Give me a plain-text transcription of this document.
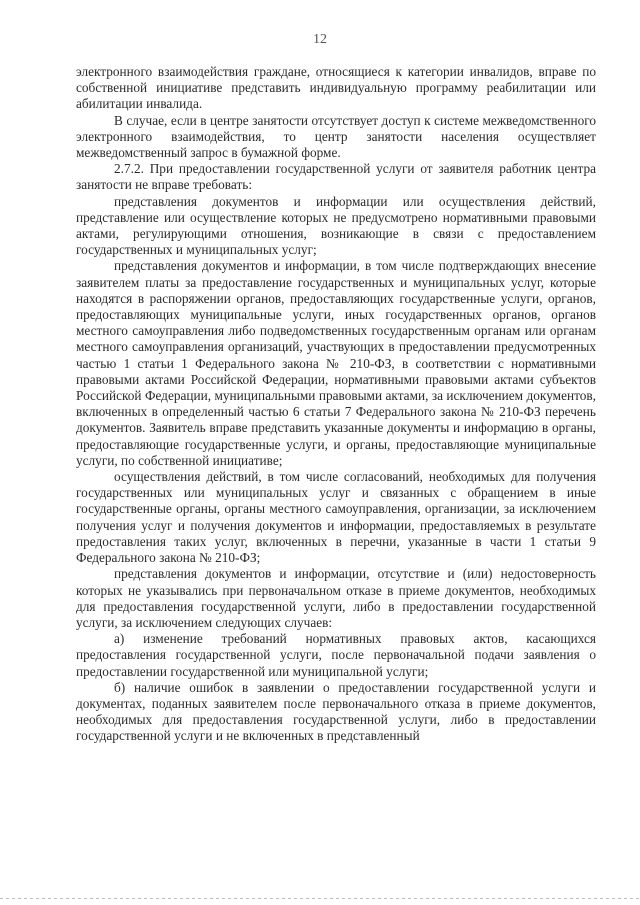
12

электронного взаимодействия граждане, относящиеся к категории инвалидов, вправе по собственной инициативе представить индивидуальную программу реабилитации или абилитации инвалида.

В случае, если в центре занятости отсутствует доступ к системе межведомственного электронного взаимодействия, то центр занятости населения осуществляет межведомственный запрос в бумажной форме.

2.7.2. При предоставлении государственной услуги от заявителя работник центра занятости не вправе требовать:

представления документов и информации или осуществления действий, представление или осуществление которых не предусмотрено нормативными правовыми актами, регулирующими отношения, возникающие в связи с предоставлением государственных и муниципальных услуг;

представления документов и информации, в том числе подтверждающих внесение заявителем платы за предоставление государственных и муниципальных услуг, которые находятся в распоряжении органов, предоставляющих государственные услуги, органов, предоставляющих муниципальные услуги, иных государственных органов, органов местного самоуправления либо подведомственных государственным органам или органам местного самоуправления организаций, участвующих в предоставлении предусмотренных частью 1 статьи 1 Федерального закона № 210-ФЗ, в соответствии с нормативными правовыми актами Российской Федерации, нормативными правовыми актами субъектов Российской Федерации, муниципальными правовыми актами, за исключением документов, включенных в определенный частью 6 статьи 7 Федерального закона № 210-ФЗ перечень документов. Заявитель вправе представить указанные документы и информацию в органы, предоставляющие государственные услуги, и органы, предоставляющие муниципальные услуги, по собственной инициативе;

осуществления действий, в том числе согласований, необходимых для получения государственных или муниципальных услуг и связанных с обращением в иные государственные органы, органы местного самоуправления, организации, за исключением получения услуг и получения документов и информации, предоставляемых в результате предоставления таких услуг, включенных в перечни, указанные в части 1 статьи 9 Федерального закона № 210-ФЗ;

представления документов и информации, отсутствие и (или) недостоверность которых не указывались при первоначальном отказе в приеме документов, необходимых для предоставления государственной услуги, либо в предоставлении государственной услуги, за исключением следующих случаев:

а) изменение требований нормативных правовых актов, касающихся предоставления государственной услуги, после первоначальной подачи заявления о предоставлении государственной или муниципальной услуги;

б) наличие ошибок в заявлении о предоставлении государственной услуги и документах, поданных заявителем после первоначального отказа в приеме документов, необходимых для предоставления государственной услуги, либо в предоставлении государственной услуги и не включенных в представленный
